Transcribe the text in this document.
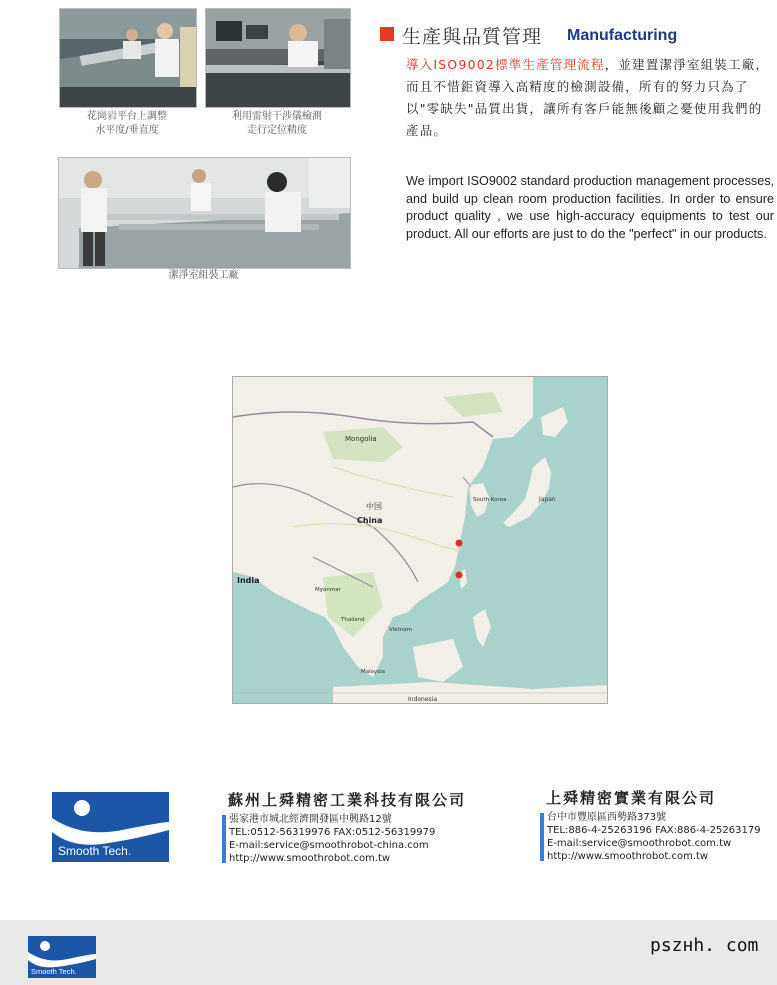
花崗岩平台上調整
水平度/垂直度
利用雷射干涉儀檢測
走行定位精度
潔淨室組裝工廠
生產與品質管理 Manufacturing
導入ISO9002標準生產管理流程，並建置潔淨室組裝工廠，而且不惜鉅資導入高精度的檢測設備，所有的努力只為了以"零缺失"品質出貨，讓所有客戶能無後顧之憂使用我們的產品。
We import ISO9002 standard production management processes, and build up clean room production facilities. In order to ensure product quality , we use high-accuracy equipments to test our product. All our efforts are just to do the "perfect" in our products.
Mongolia
中国
China
India
South Korea	Japan
Myanmar
Thailand
Vietnam
Malaysia
Indonesia
Smooth Tech.
蘇州上舜精密工業科技有限公司
張家港市城北經濟開發區中興路12號
TEL:0512-56319976 FAX:0512-56319979
E-mail:service@smoothrobot-china.com
http://www.smoothrobot.com.tw
上舜精密實業有限公司
台中市豐原區西勢路373號
TEL:886-4-25263196 FAX:886-4-25263179
E-mail:service@smoothrobot.com.tw
http://www.smoothrobot.com.tw
Smooth Tech.
pszнh. com
